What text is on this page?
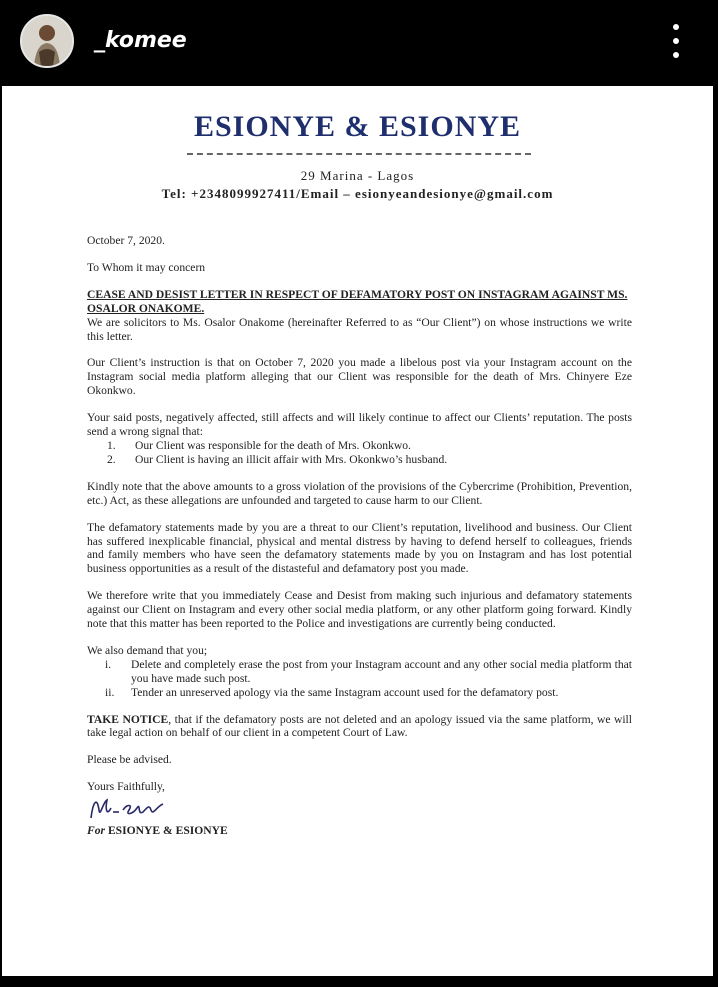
_komee
ESIONYE & ESIONYE
29 Marina - Lagos
Tel: +2348099927411/Email – esionyeandesionye@gmail.com

October 7, 2020.

To Whom it may concern

CEASE AND DESIST LETTER IN RESPECT OF DEFAMATORY POST ON INSTAGRAM AGAINST MS. OSALOR ONAKOME.

We are solicitors to Ms. Osalor Onakome (hereinafter Referred to as “Our Client”) on whose instructions we write this letter.

Our Client’s instruction is that on October 7, 2020 you made a libelous post via your Instagram account on the Instagram social media platform alleging that our Client was responsible for the death of Mrs. Chinyere Eze Okonkwo.

Your said posts, negatively affected, still affects and will likely continue to affect our Clients’ reputation. The posts send a wrong signal that:

1.	Our Client was responsible for the death of Mrs. Okonkwo.
2.	Our Client is having an illicit affair with Mrs. Okonkwo’s husband.

Kindly note that the above amounts to a gross violation of the provisions of the Cybercrime (Prohibition, Prevention, etc.) Act, as these allegations are unfounded and targeted to cause harm to our Client.

The defamatory statements made by you are a threat to our Client’s reputation, livelihood and business. Our Client has suffered inexplicable financial, physical and mental distress by having to defend herself to colleagues, friends and family members who have seen the defamatory statements made by you on Instagram and has lost potential business opportunities as a result of the distasteful and defamatory post you made.

We therefore write that you immediately Cease and Desist from making such injurious and defamatory statements against our Client on Instagram and every other social media platform, or any other platform going forward. Kindly note that this matter has been reported to the Police and investigations are currently being conducted.

We also demand that you;

i.	Delete and completely erase the post from your Instagram account and any other social media platform that you have made such post.
ii.	Tender an unreserved apology via the same Instagram account used for the defamatory post.

TAKE NOTICE, that if the defamatory posts are not deleted and an apology issued via the same platform, we will take legal action on behalf of our client in a competent Court of Law.

Please be advised.

Yours Faithfully,

For ESIONYE & ESIONYE
